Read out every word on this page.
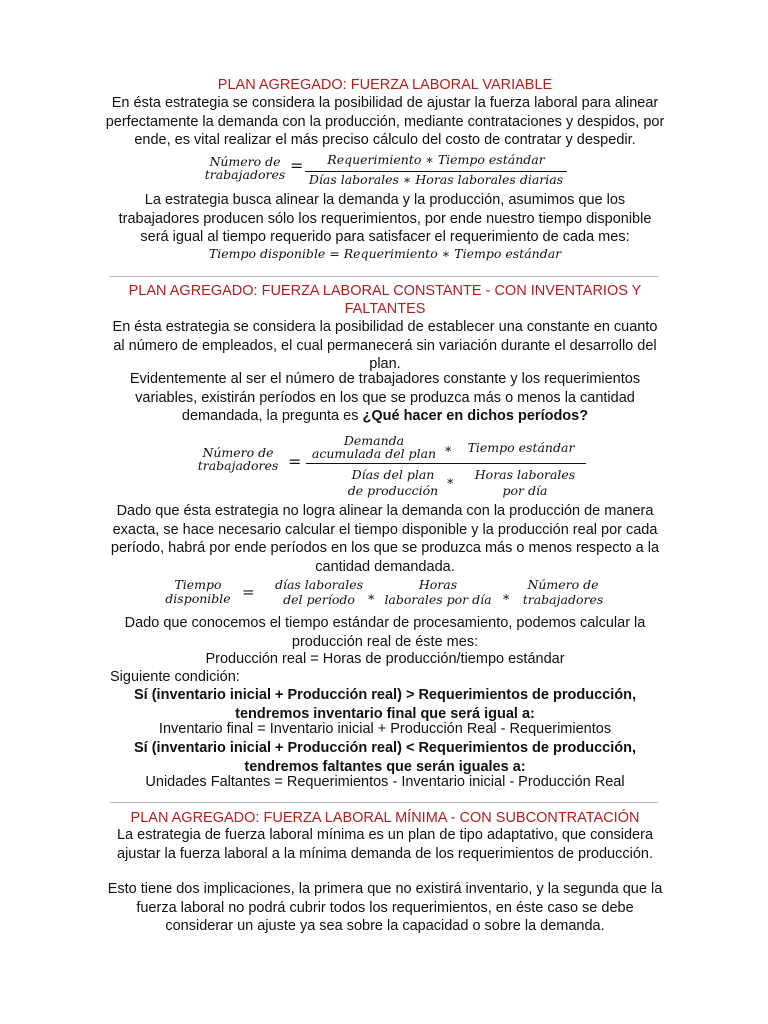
PLAN AGREGADO: FUERZA LABORAL VARIABLE
En ésta estrategia se considera la posibilidad de ajustar la fuerza laboral para alinear perfectamente la demanda con la producción, mediante contrataciones y despidos, por ende, es vital realizar el más preciso cálculo del costo de contratar y despedir.
Número de
trabajadores =	Requerimiento ∗ Tiempo estándar
Días laborales ∗ Horas laborales diarias
La estrategia busca alinear la demanda y la producción, asumimos que los trabajadores producen sólo los requerimientos, por ende nuestro tiempo disponible será igual al tiempo requerido para satisfacer el requerimiento de cada mes:
Tiempo disponible = Requerimiento ∗ Tiempo estándar
PLAN AGREGADO: FUERZA LABORAL CONSTANTE - CON INVENTARIOS Y FALTANTES
En ésta estrategia se considera la posibilidad de establecer una constante en cuanto al número de empleados, el cual permanecerá sin variación durante el desarrollo del plan.
Evidentemente al ser el número de trabajadores constante y los requerimientos variables, existirán períodos en los que se produzca más o menos la cantidad demandada, la pregunta es ¿Qué hacer en dichos períodos?
Número de
trabajadores =
Demanda
acumulada del plan ∗	Tiempo estándar
Días del plan
de producción
∗	Horas laborales
por día
Dado que ésta estrategia no logra alinear la demanda con la producción de manera exacta, se hace necesario calcular el tiempo disponible y la producción real por cada período, habrá por ende períodos en los que se produzca más o menos respecto a la cantidad demandada.
Tiempo
disponible =	días laborales
del período ∗
Horas
laborales por día ∗
Número de
trabajadores
Dado que conocemos el tiempo estándar de procesamiento, podemos calcular la producción real de éste mes:
Producción real = Horas de producción/tiempo estándar
Siguiente condición:
Sí (inventario inicial + Producción real) > Requerimientos de producción, tendremos inventario final que será igual a:
Inventario final = Inventario inicial + Producción Real - Requerimientos
Sí (inventario inicial + Producción real) < Requerimientos de producción, tendremos faltantes que serán iguales a:
Unidades Faltantes = Requerimientos - Inventario inicial - Producción Real
PLAN AGREGADO: FUERZA LABORAL MÍNIMA - CON SUBCONTRATACIÓN
La estrategia de fuerza laboral mínima es un plan de tipo adaptativo, que considera ajustar la fuerza laboral a la mínima demanda de los requerimientos de producción.
Esto tiene dos implicaciones, la primera que no existirá inventario, y la segunda que la fuerza laboral no podrá cubrir todos los requerimientos, en éste caso se debe considerar un ajuste ya sea sobre la capacidad o sobre la demanda.
